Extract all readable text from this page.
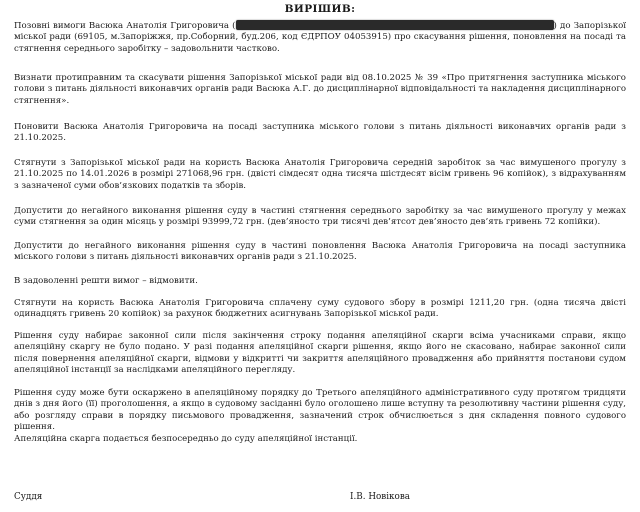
ВИРІШИВ:
Позовні вимоги Васюка Анатолія Григоровича (	) до Запорізької міської ради (69105, м.Запоріжжя, пр.Соборний, буд.206, код ЄДРПОУ 04053915) про скасування рішення, поновлення на посаді та стягнення середнього заробітку – задовольнити частково.
Визнати протиправним та скасувати рішення Запорізької міської ради від 08.10.2025 № 39 «Про притягнення заступника міського голови з питань діяльності виконавчих органів ради Васюка А.Г. до дисциплінарної відповідальності та накладення дисциплінарного стягнення».
Поновити Васюка Анатолія Григоровича на посаді заступника міського голови з питань діяльності виконавчих органів ради з 21.10.2025.
Стягнути з Запорізької міської ради на користь Васюка Анатолія Григоровича середній заробіток за час вимушеного прогулу з 21.10.2025 по 14.01.2026 в розмірі 271068,96 грн. (двісті сімдесят одна тисяча шістдесят вісім гривень 96 копійок), з відрахуванням з зазначеної суми обов’язкових податків та зборів.
Допустити до негайного виконання рішення суду в частині стягнення середнього заробітку за час вимушеного прогулу у межах суми стягнення за один місяць у розмірі 93999,72 грн. (дев’яносто три тисячі дев’ятсот дев’яносто дев’ять гривень 72 копійки).
Допустити до негайного виконання рішення суду в частині поновлення Васюка Анатолія Григоровича на посаді заступника міського голови з питань діяльності виконавчих органів ради з 21.10.2025.
В задоволенні решти вимог – відмовити.
Стягнути на користь Васюка Анатолія Григоровича сплачену суму судового збору в розмірі 1211,20 грн. (одна тисяча двісті одинадцять гривень 20 копійок) за рахунок бюджетних асигнувань Запорізької міської ради.
Рішення суду набирає законної сили після закінчення строку подання апеляційної скарги всіма учасниками справи, якщо апеляційну скаргу не було подано. У разі подання апеляційної скарги рішення, якщо його не скасовано, набирає законної сили після повернення апеляційної скарги, відмови у відкритті чи закриття апеляційного провадження або прийняття постанови судом апеляційної інстанції за наслідками апеляційного перегляду.
Рішення суду може бути оскаржено в апеляційному порядку до Третього апеляційного адміністративного суду протягом тридцяти днів з дня його (її) проголошення, а якщо в судовому засіданні було оголошено лише вступну та резолютивну частини рішення суду, або розгляду справи в порядку письмового провадження, зазначений строк обчислюється з дня складення повного судового рішення.
Апеляційна скарга подається безпосередньо до суду апеляційної інстанції.
Суддя	І.В. Новікова
